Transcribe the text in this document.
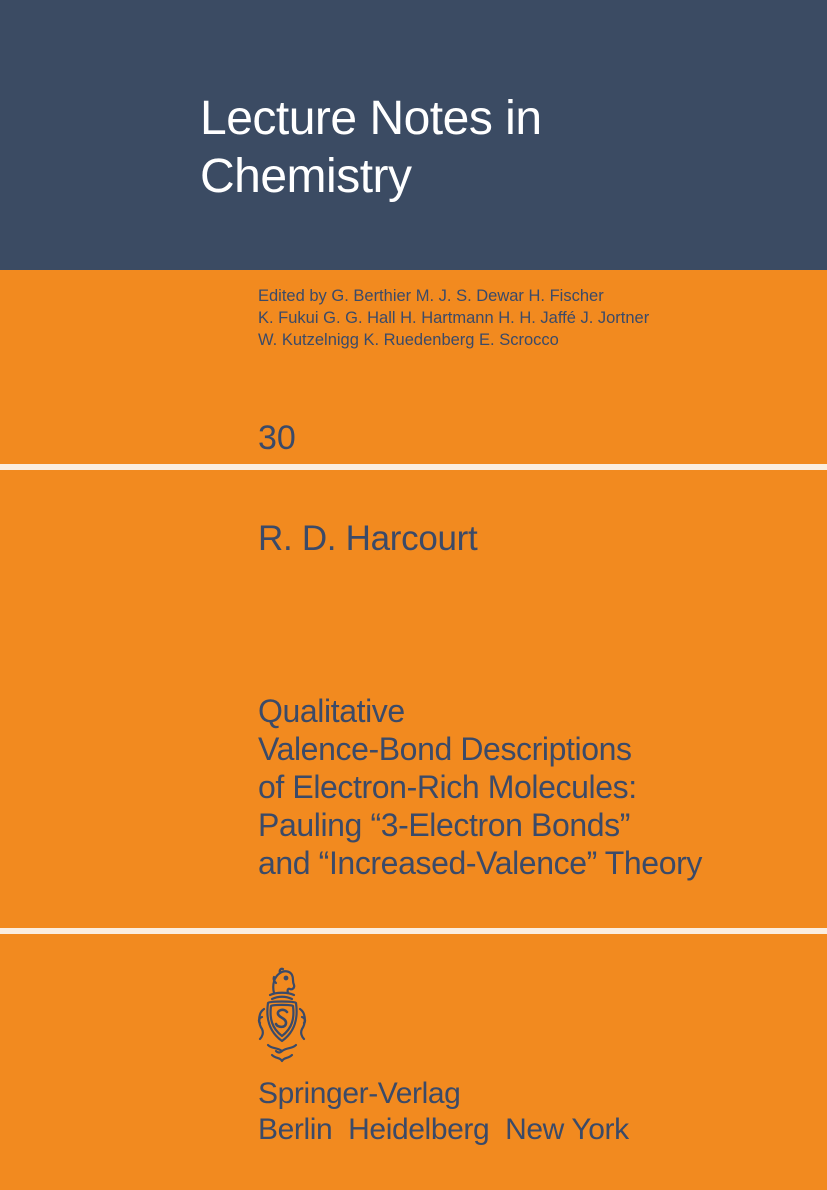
Lecture Notes in
Chemistry
Edited by G. Berthier M. J. S. Dewar H. Fischer
K. Fukui G. G. Hall H. Hartmann H. H. Jaffé J. Jortner
W. Kutzelnigg K. Ruedenberg E. Scrocco
30
R. D. Harcourt
Qualitative
Valence-Bond Descriptions
of Electron-Rich Molecules:
Pauling “3-Electron Bonds”
and “Increased-Valence” Theory
Springer-Verlag
Berlin  Heidelberg  New York
